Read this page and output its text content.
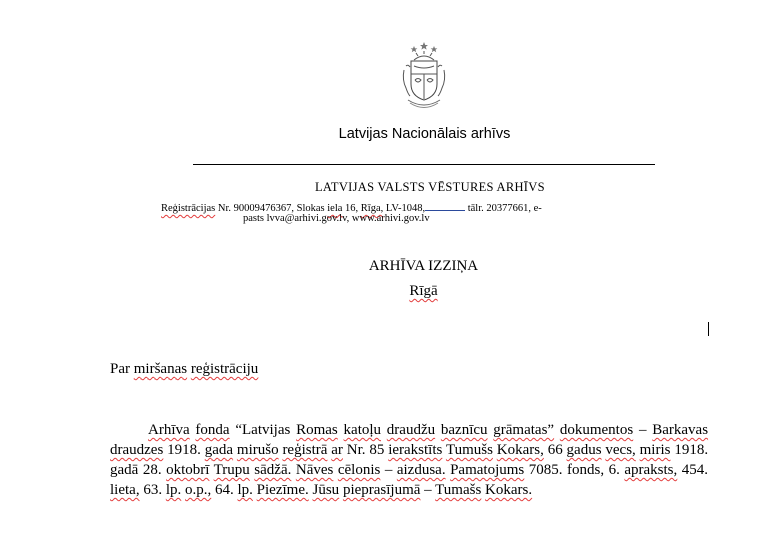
Latvijas Nacionālais arhīvs
LATVIJAS VALSTS VĒSTURES ARHĪVS
Reģistrācijas Nr. 90009476367, Slokas iela 16, Rīga, LV-1048,	tālr. 20377661, e-
pasts lvva@arhivi.gov.lv, www.arhivi.gov.lv
ARHĪVA IZZIŅA
Rīgā
Par miršanas reģistrāciju
Arhīva fonda “Latvijas Romas katoļu draudžu baznīcu grāmatas” dokumentos – Barkavas draudzes 1918. gada mirušo reģistrā ar Nr. 85 ierakstīts Tumušs Kokars, 66 gadus vecs, miris 1918. gadā 28. oktobrī Trupu sādžā. Nāves cēlonis – aizdusa. Pamatojums 7085. fonds, 6. apraksts, 454. lieta, 63. lp. o.p., 64. lp. Piezīme. Jūsu pieprasījumā – Tumašs Kokars.
